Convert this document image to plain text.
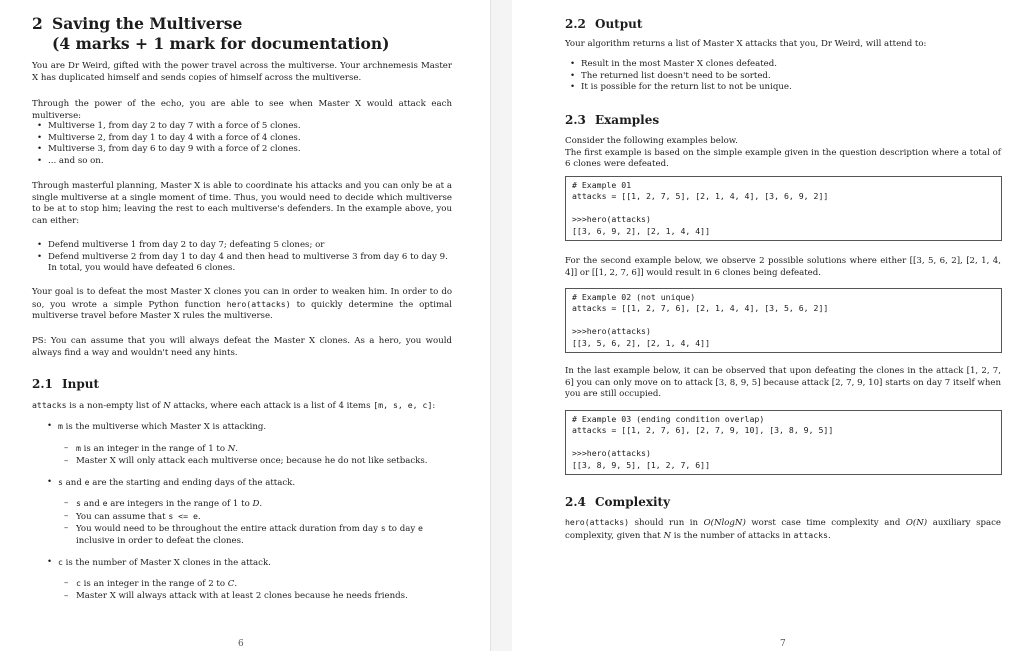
2 Saving the Multiverse
(4 marks + 1 mark for documentation)
You are Dr Weird, gifted with the power travel across the multiverse. Your archnemesis Master X has duplicated himself and sends copies of himself across the multiverse.
Through the power of the echo, you are able to see when Master X would attack each multiverse:
• Multiverse 1, from day 2 to day 7 with a force of 5 clones.
• Multiverse 2, from day 1 to day 4 with a force of 4 clones.
• Multiverse 3, from day 6 to day 9 with a force of 2 clones.
• ... and so on.
Through masterful planning, Master X is able to coordinate his attacks and you can only be at a single multiverse at a single moment of time. Thus, you would need to decide which multiverse to be at to stop him; leaving the rest to each multiverse's defenders. In the example above, you can either:
• Defend multiverse 1 from day 2 to day 7; defeating 5 clones; or
• Defend multiverse 2 from day 1 to day 4 and then head to multiverse 3 from day 6 to day 9. In total, you would have defeated 6 clones.
Your goal is to defeat the most Master X clones you can in order to weaken him. In order to do so, you wrote a simple Python function hero(attacks) to quickly determine the optimal multiverse travel before Master X rules the multiverse.
PS: You can assume that you will always defeat the Master X clones. As a hero, you would always find a way and wouldn't need any hints.
2.1 Input
attacks is a non-empty list of N attacks, where each attack is a list of 4 items [m, s, e, c]:
• m is the multiverse which Master X is attacking.
– m is an integer in the range of 1 to N.
– Master X will only attack each multiverse once; because he do not like setbacks.
• s and e are the starting and ending days of the attack.
– s and e are integers in the range of 1 to D.
– You can assume that s <= e.
– You would need to be throughout the entire attack duration from day s to day e inclusive in order to defeat the clones.
• c is the number of Master X clones in the attack.
– c is an integer in the range of 2 to C.
– Master X will always attack with at least 2 clones because he needs friends.
6
2.2 Output
Your algorithm returns a list of Master X attacks that you, Dr Weird, will attend to:
• Result in the most Master X clones defeated.
• The returned list doesn't need to be sorted.
• It is possible for the return list to not be unique.
2.3 Examples
Consider the following examples below.
The first example is based on the simple example given in the question description where a total of 6 clones were defeated.
# Example 01
attacks = [[1, 2, 7, 5], [2, 1, 4, 4], [3, 6, 9, 2]]
>>>hero(attacks)
[[3, 6, 9, 2], [2, 1, 4, 4]]
For the second example below, we observe 2 possible solutions where either [[3, 5, 6, 2], [2, 1, 4, 4]] or [[1, 2, 7, 6]] would result in 6 clones being defeated.
# Example 02 (not unique)
attacks = [[1, 2, 7, 6], [2, 1, 4, 4], [3, 5, 6, 2]]
>>>hero(attacks)
[[3, 5, 6, 2], [2, 1, 4, 4]]
In the last example below, it can be observed that upon defeating the clones in the attack [1, 2, 7, 6] you can only move on to attack [3, 8, 9, 5] because attack [2, 7, 9, 10] starts on day 7 itself when you are still occupied.
# Example 03 (ending condition overlap)
attacks = [[1, 2, 7, 6], [2, 7, 9, 10], [3, 8, 9, 5]]
>>>hero(attacks)
[[3, 8, 9, 5], [1, 2, 7, 6]]
2.4 Complexity
hero(attacks) should run in O(NlogN) worst case time complexity and O(N) auxiliary space complexity, given that N is the number of attacks in attacks.
7
